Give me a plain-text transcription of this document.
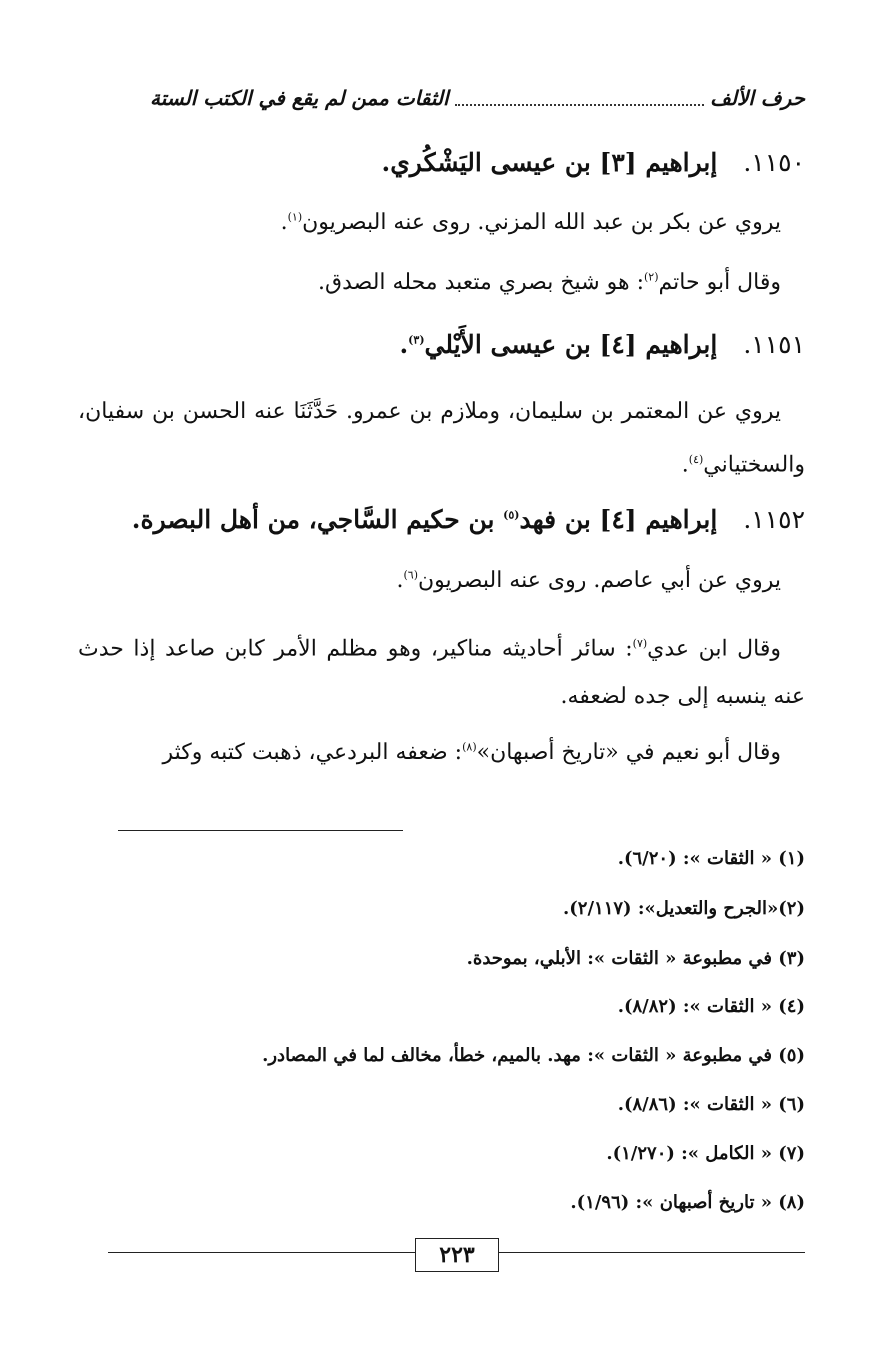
حرف الألف
الثقات ممن لم يقع في الكتب الستة
١١٥٠.إبراهيم [٣] بن عيسى اليَشْكُري.
يروي عن بكر بن عبد الله المزني. روى عنه البصريون$^{(١)}$.
وقال أبو حاتم$^{(٢)}$: هو شيخ بصري متعبد محله الصدق.
١١٥١.إبراهيم [٤] بن عيسى الأَيْلي$^{(٣)}$.
يروي عن المعتمر بن سليمان، وملازم بن عمرو. حَدَّثَنَا عنه الحسن بن سفيان، والسختياني$^{(٤)}$.
١١٥٢.إبراهيم [٤] بن فهد$^{(٥)}$ بن حكيم السَّاجي، من أهل البصرة.
يروي عن أبي عاصم. روى عنه البصريون$^{(٦)}$.
وقال ابن عدي$^{(٧)}$: سائر أحاديثه مناكير، وهو مظلم الأمر كابن صاعد إذا حدث عنه ينسبه إلى جده لضعفه.
وقال أبو نعيم في «تاريخ أصبهان»$^{(٨)}$: ضعفه البردعي، ذهبت كتبه وكثر
(١) « الثقات »: (٦/٢٠).
(٢)«الجرح والتعديل»: (٢/١١٧).
(٣) في مطبوعة « الثقات »: الأبلي، بموحدة.
(٤) « الثقات »: (٨/٨٢).
(٥) في مطبوعة « الثقات »: مهد. بالميم، خطأ، مخالف لما في المصادر.
(٦) « الثقات »: (٨/٨٦).
(٧) « الكامل »: (١/٢٧٠).
(٨) « تاريخ أصبهان »: (١/٩٦).
٢٢٣
